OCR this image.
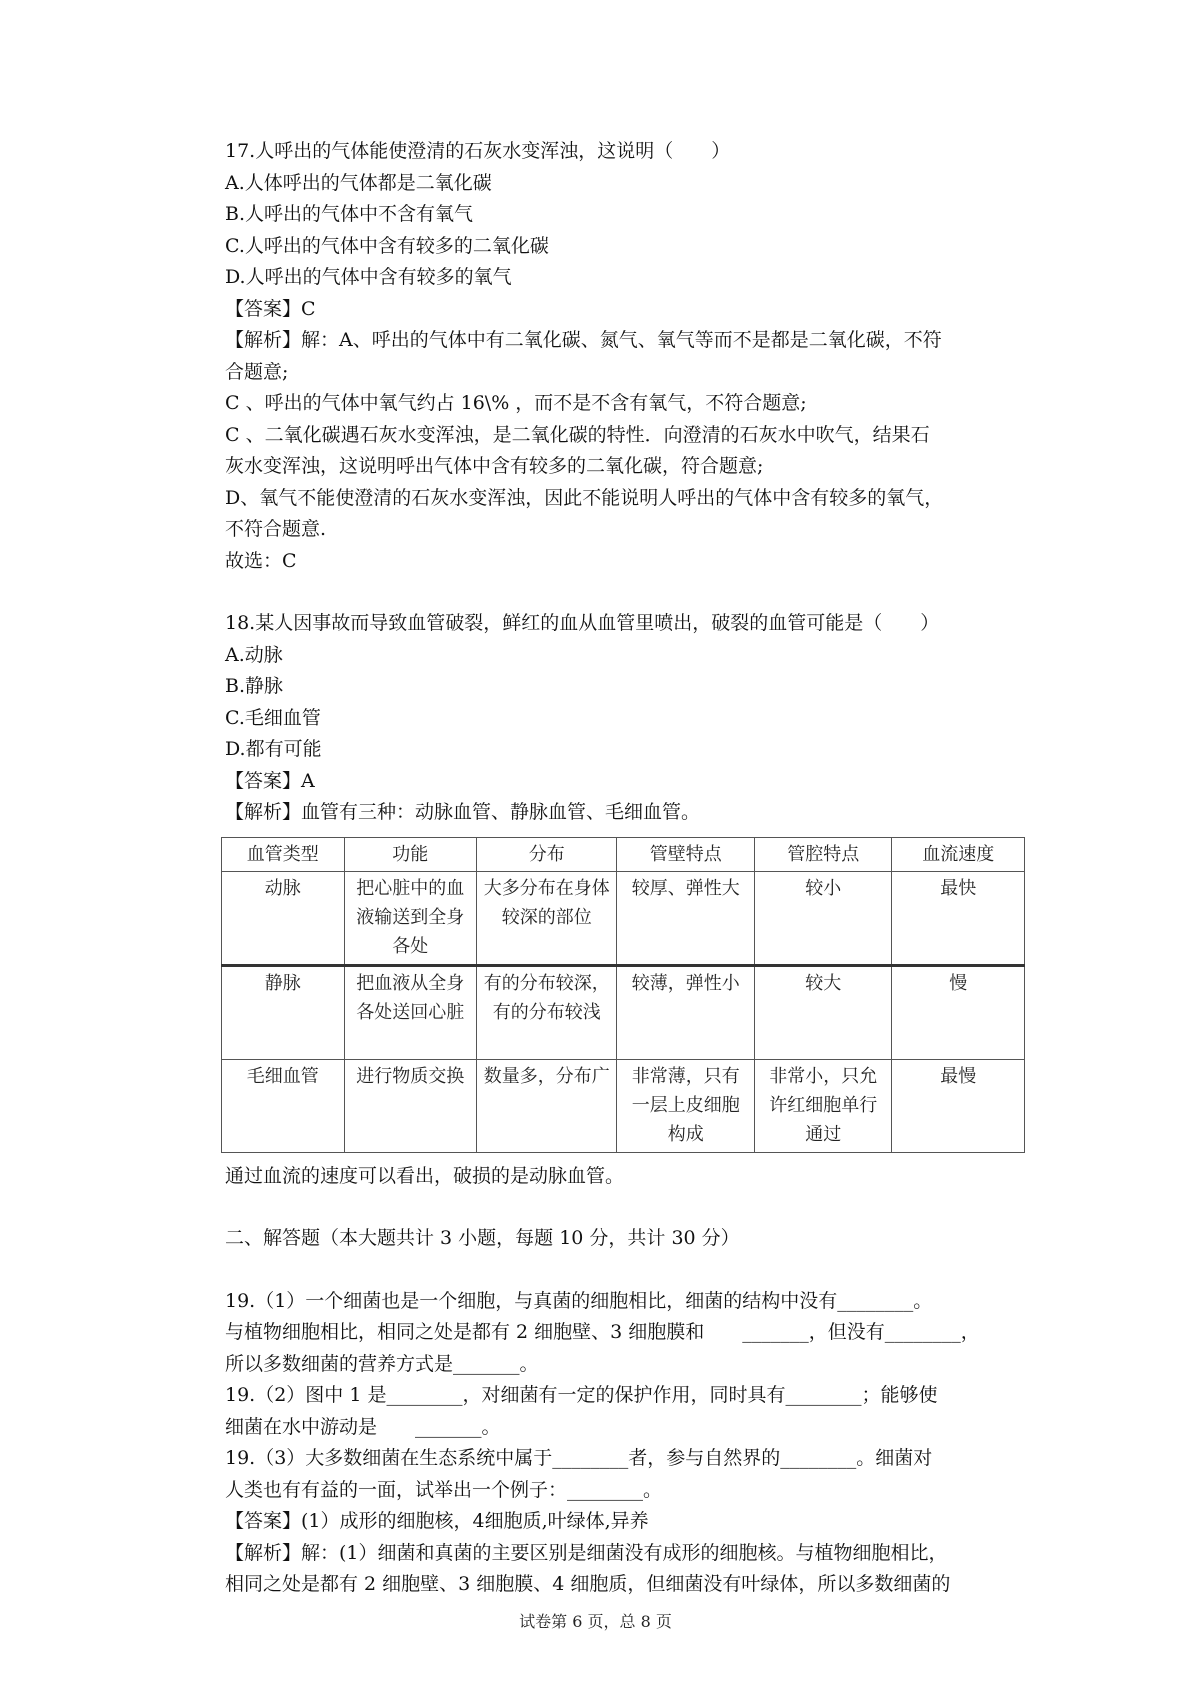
17.人呼出的气体能使澄清的石灰水变浑浊，这说明（　　）
A.人体呼出的气体都是二氧化碳
B.人呼出的气体中不含有氧气
C.人呼出的气体中含有较多的二氧化碳
D.人呼出的气体中含有较多的氧气
【答案】C
【解析】解：A、呼出的气体中有二氧化碳、氮气、氧气等而不是都是二氧化碳，不符
合题意;
C 、呼出的气体中氧气约占 16\% ，而不是不含有氧气，不符合题意;
C 、二氧化碳遇石灰水变浑浊，是二氧化碳的特性．向澄清的石灰水中吹气，结果石
灰水变浑浊，这说明呼出气体中含有较多的二氧化碳，符合题意;
D、氧气不能使澄清的石灰水变浑浊，因此不能说明人呼出的气体中含有较多的氧气，
不符合题意.
故选：C
18.某人因事故而导致血管破裂，鲜红的血从血管里喷出，破裂的血管可能是（　　）
A.动脉
B.静脉
C.毛细血管
D.都有可能
【答案】A
【解析】血管有三种：动脉血管、静脉血管、毛细血管。
血管类型	功能	分布	管壁特点	管腔特点	血流速度
动脉	把心脏中的血液输送到全身各处	大多分布在身体较深的部位	较厚、弹性大	较小	最快
静脉	把血液从全身各处送回心脏	有的分布较深，有的分布较浅	较薄，弹性小	较大	慢
毛细血管	进行物质交换	数量多，分布广	非常薄，只有一层上皮细胞构成	非常小，只允许红细胞单行通过	最慢
通过血流的速度可以看出，破损的是动脉血管。
二、解答题（本大题共计 3 小题，每题 10 分，共计 30 分）
19.（1）一个细菌也是一个细胞，与真菌的细胞相比，细菌的结构中没有________。
与植物细胞相比，相同之处是都有 2 细胞壁、3 细胞膜和　　_______，但没有________，
所以多数细菌的营养方式是_______。
19.（2）图中 1 是________，对细菌有一定的保护作用，同时具有________；能够使
细菌在水中游动是　　_______。
19.（3）大多数细菌在生态系统中属于________者，参与自然界的________。细菌对
人类也有有益的一面，试举出一个例子：________。
【答案】(1）成形的细胞核，4细胞质,叶绿体,异养
【解析】解：(1）细菌和真菌的主要区别是细菌没有成形的细胞核。与植物细胞相比，
相同之处是都有 2 细胞壁、3 细胞膜、4 细胞质，但细菌没有叶绿体，所以多数细菌的
试卷第 6 页，总 8 页
